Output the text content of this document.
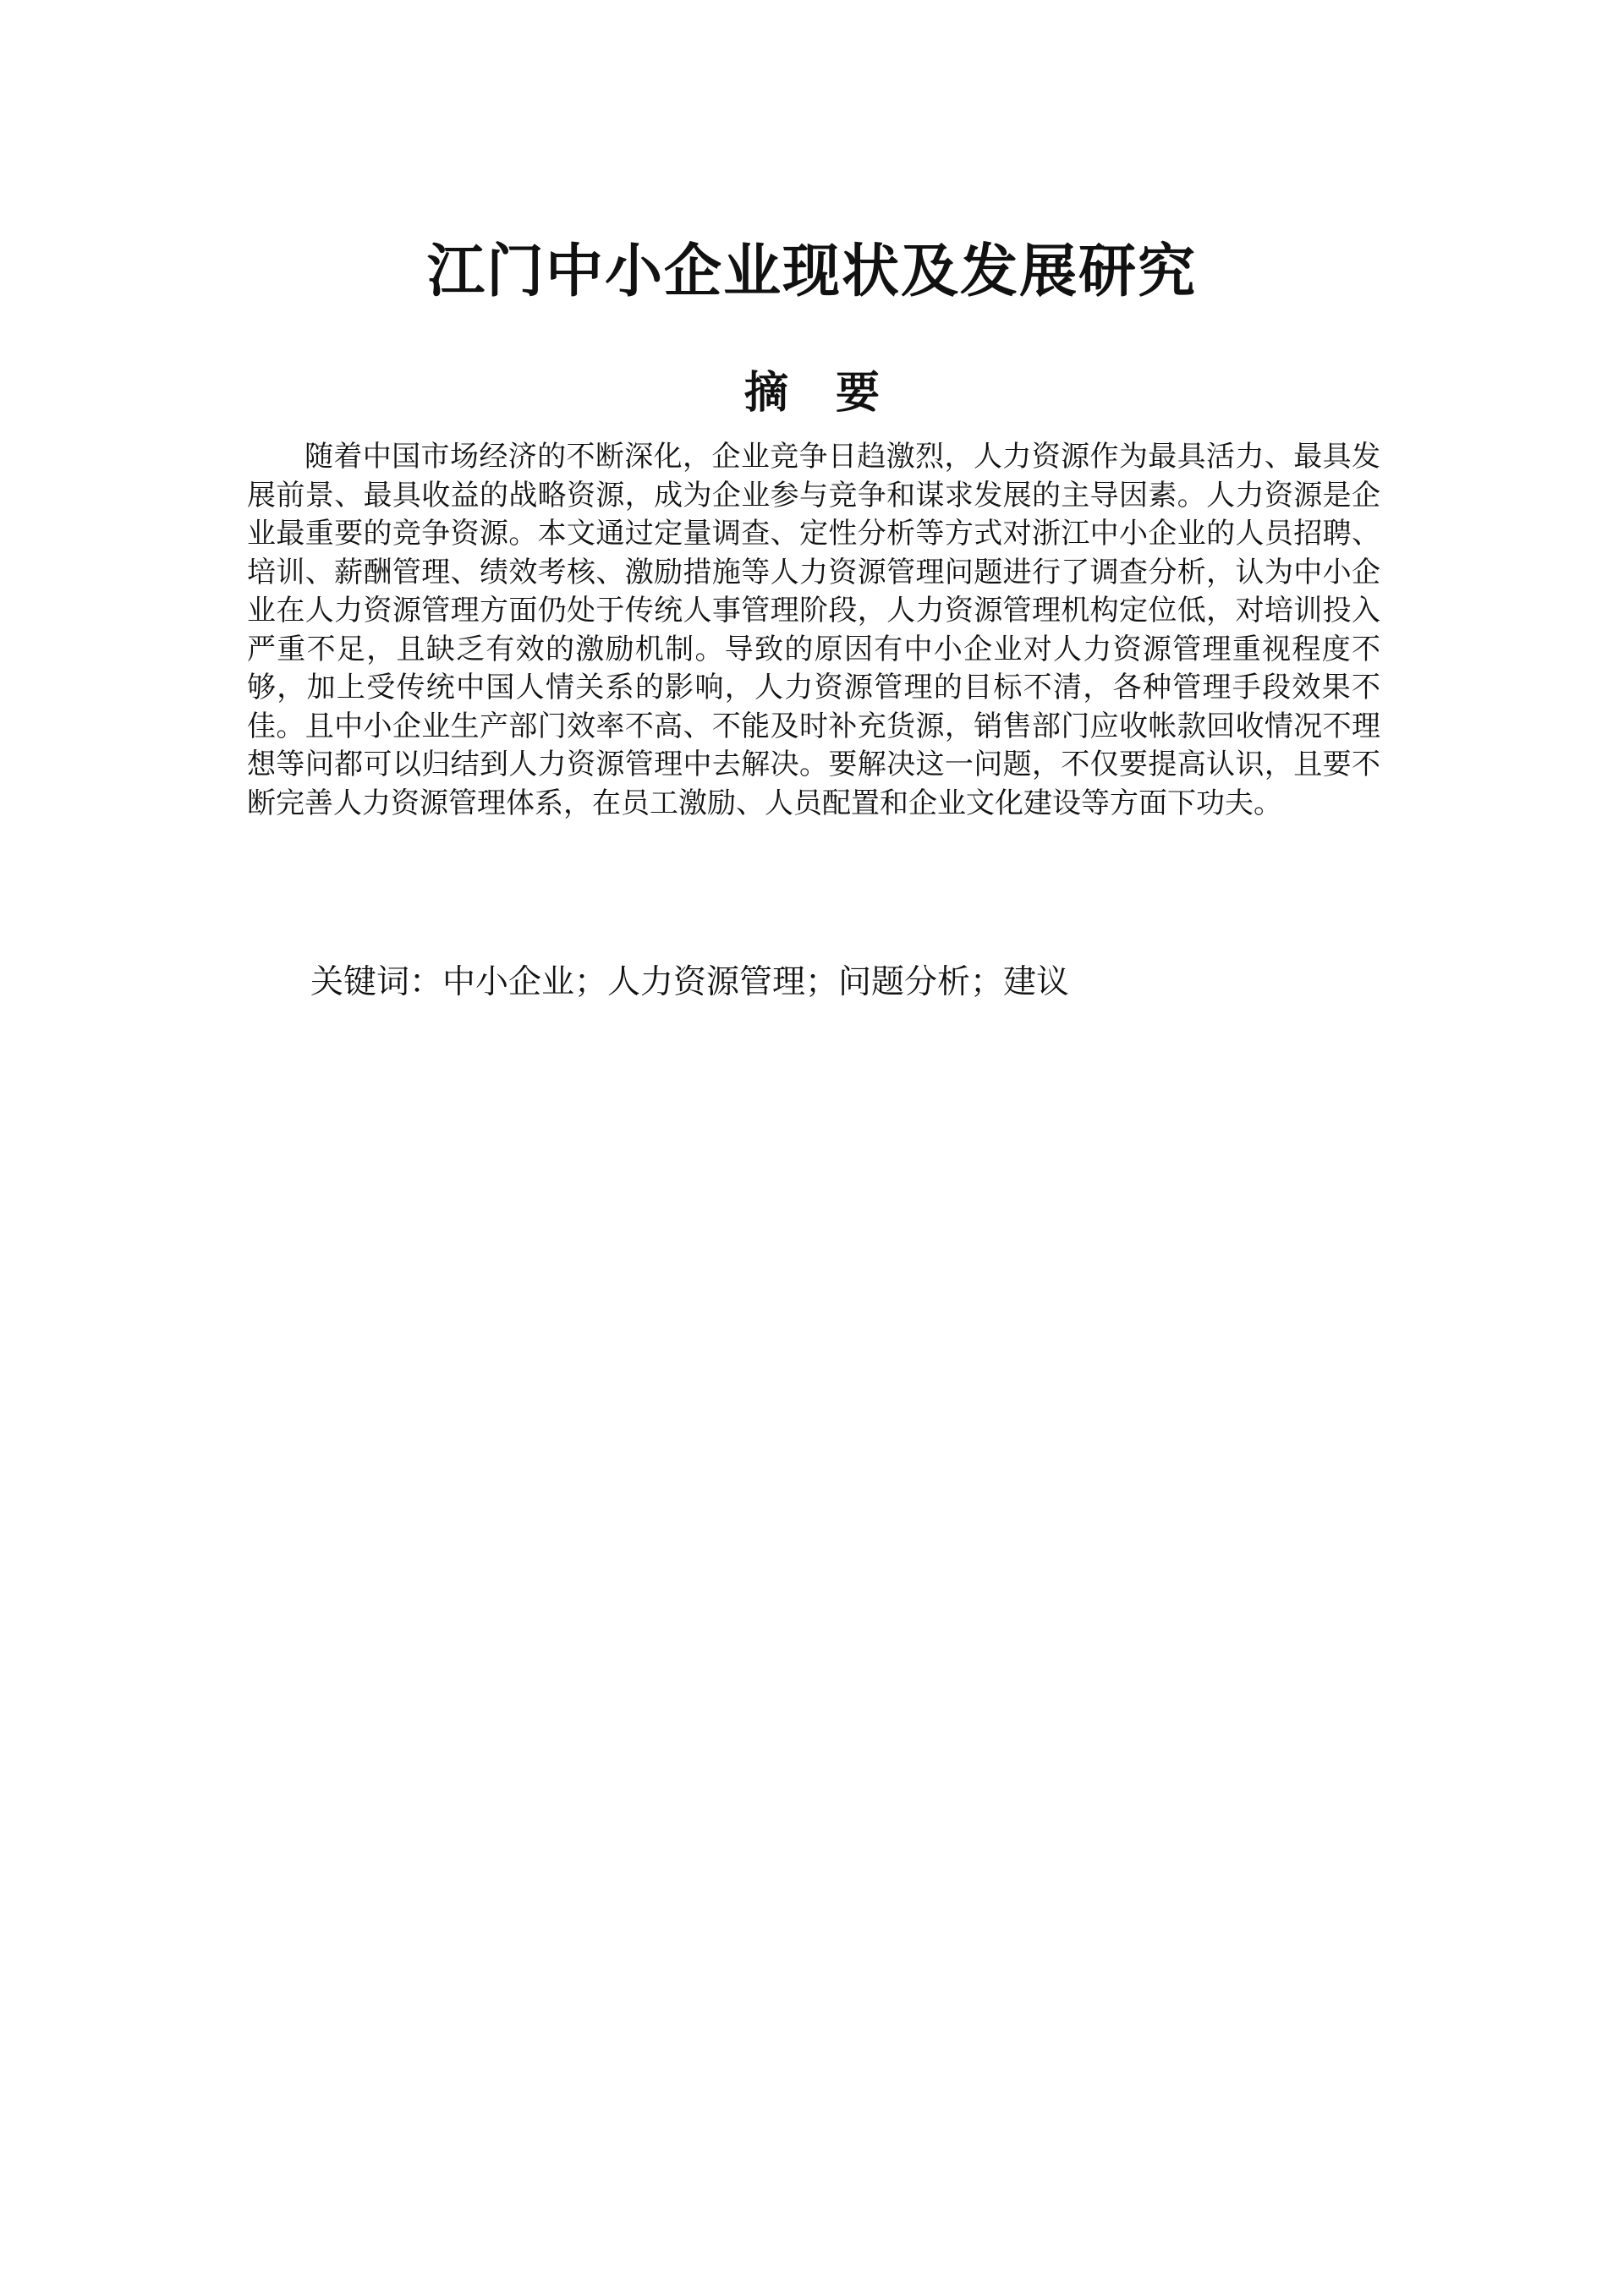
江门中小企业现状及发展研究
摘 要

随着中国市场经济的不断深化，企业竞争日趋激烈，人力资源作为最具活力、最具发展前景、最具收益的战略资源，成为企业参与竞争和谋求发展的主导因素。人力资源是企业最重要的竞争资源。本文通过定量调查、定性分析等方式对浙江中小企业的人员招聘、培训、薪酬管理、绩效考核、激励措施等人力资源管理问题进行了调查分析，认为中小企业在人力资源管理方面仍处于传统人事管理阶段，人力资源管理机构定位低，对培训投入严重不足，且缺乏有效的激励机制。导致的原因有中小企业对人力资源管理重视程度不够，加上受传统中国人情关系的影响，人力资源管理的目标不清，各种管理手段效果不佳。且中小企业生产部门效率不高、不能及时补充货源，销售部门应收帐款回收情况不理想等问都可以归结到人力资源管理中去解决。要解决这一问题，不仅要提高认识，且要不断完善人力资源管理体系，在员工激励、人员配置和企业文化建设等方面下功夫。

关键词：中小企业；人力资源管理；问题分析；建议
